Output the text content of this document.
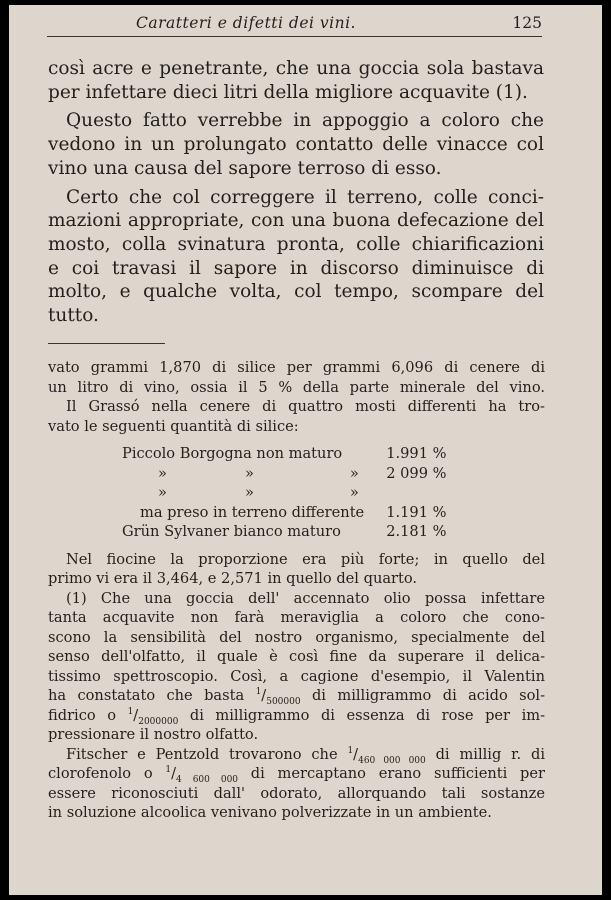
Caratteri e difetti dei vini.	125
così acre e penetrante, che una goccia sola bastava
per infettare dieci litri della migliore acquavite (1).
Questo fatto verrebbe in appoggio a coloro che
vedono in un prolungato contatto delle vinacce col
vino una causa del sapore terroso di esso.
Certo che col correggere il terreno, colle conci-
mazioni appropriate, con una buona defecazione del
mosto, colla svinatura pronta, colle chiarificazioni
e coi travasi il sapore in discorso diminuisce di
molto, e qualche volta, col tempo, scompare del
tutto.
vato grammi 1,870 di silice per grammi 6,096 di cenere di
un litro di vino, ossia il 5 % della parte minerale del vino.
Il Grassó nella cenere di quattro mosti differenti ha tro-
vato le seguenti quantità di silice:
Piccolo Borgogna non maturo	1.991 %
» » »	2 099 %
» » »	
ma preso in terreno differente	1.191 %
Grün Sylvaner bianco maturo	2.181 %
Nel fiocine la proporzione era più forte; in quello del
primo vi era il 3,464, e 2,571 in quello del quarto.
(1) Che una goccia dell' accennato olio possa infettare
tanta acquavite non farà meraviglia a coloro che cono-
scono la sensibilità del nostro organismo, specialmente del
senso dell'olfatto, il quale è così fine da superare il delica-
tissimo spettroscopio. Così, a cagione d'esempio, il Valentin
ha constatato che basta $^1/_{500000}$ di milligrammo di acido sol-
fidrico o $^1/_{2000000}$ di milligrammo di essenza di rose per im-
pressionare il nostro olfatto.
Fitscher e Pentzold trovarono che $^1/_{460 000 000}$ di millig r. di
clorofenolo o $^1/_{4 600 000}$ di mercaptano erano sufficienti per
essere riconosciuti dall' odorato, allorquando tali sostanze
in soluzione alcoolica venivano polverizzate in un ambiente.
